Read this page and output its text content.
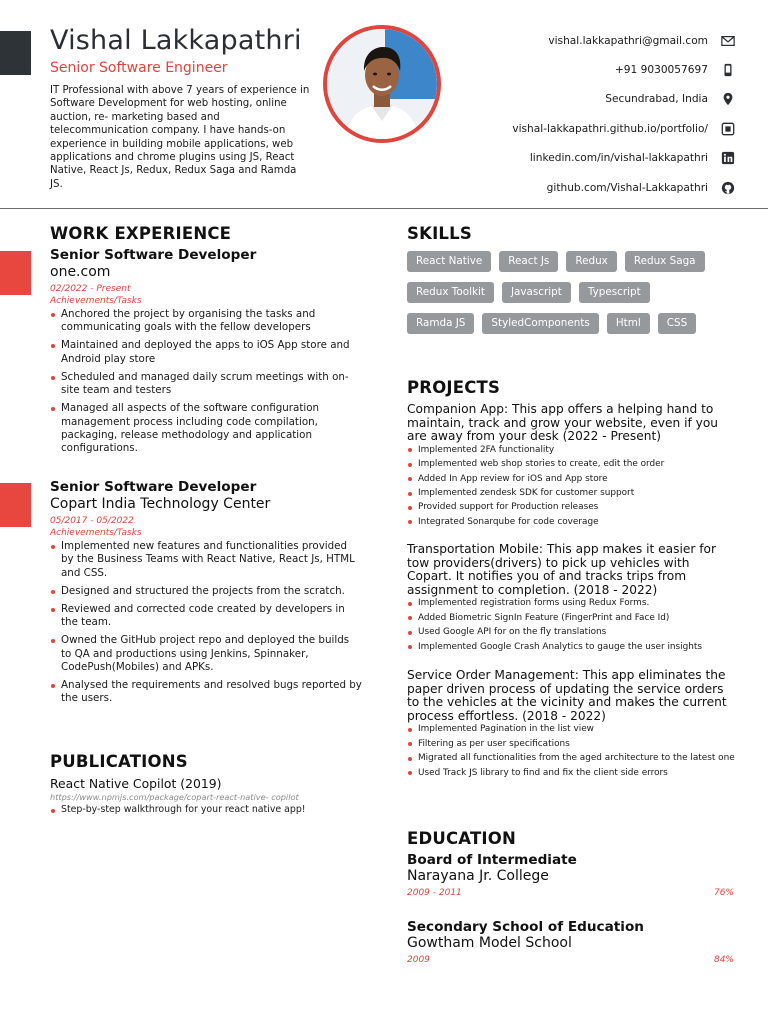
Vishal Lakkapathri
Senior Software Engineer
IT Professional with above 7 years of experience in Software Development for web hosting, online auction, re- marketing based and telecommunication company. I have hands-on experience in building mobile applications, web applications and chrome plugins using JS, React Native, React Js, Redux, Redux Saga and Ramda JS.
vishal.lakkapathri@gmail.com
+91 9030057697
Secundrabad, India
vishal-lakkapathri.github.io/portfolio/
linkedin.com/in/vishal-lakkapathri
github.com/Vishal-Lakkapathri
WORK EXPERIENCE
Senior Software Developer
one.com
02/2022 - Present
Achievements/Tasks
Anchored the project by organising the tasks and communicating goals with the fellow developers
Maintained and deployed the apps to iOS App store and Android play store
Scheduled and managed daily scrum meetings with on-site team and testers
Managed all aspects of the software configuration management process including code compilation, packaging, release methodology and application configurations.
Senior Software Developer
Copart India Technology Center
05/2017 - 05/2022
Achievements/Tasks
Implemented new features and functionalities provided by the Business Teams with React Native, React Js, HTML and CSS.
Designed and structured the projects from the scratch.
Reviewed and corrected code created by developers in the team.
Owned the GitHub project repo and deployed the builds to QA and productions using Jenkins, Spinnaker, CodePush(Mobiles) and APKs.
Analysed the requirements and resolved bugs reported by the users.
PUBLICATIONS
React Native Copilot (2019)
https://www.npmjs.com/package/copart-react-native- copilot
Step-by-step walkthrough for your react native app!
SKILLS
React Native	React Js	Redux	Redux Saga
Redux Toolkit	Javascript	Typescript
Ramda JS	StyledComponents	Html	CSS
PROJECTS
Companion App: This app offers a helping hand to maintain, track and grow your website, even if you are away from your desk (2022 - Present)
Implemented 2FA functionality
Implemented web shop stories to create, edit the order
Added In App review for iOS and App store
Implemented zendesk SDK for customer support
Provided support for Production releases
Integrated Sonarqube for code coverage
Transportation Mobile: This app makes it easier for tow providers(drivers) to pick up vehicles with Copart. It notifies you of and tracks trips from assignment to completion. (2018 - 2022)
Implemented registration forms using Redux Forms.
Added Biometric SignIn Feature (FingerPrint and Face Id)
Used Google API for on the fly translations
Implemented Google Crash Analytics to gauge the user insights
Service Order Management: This app eliminates the paper driven process of updating the service orders to the vehicles at the vicinity and makes the current process effortless. (2018 - 2022)
Implemented Pagination in the list view
Filtering as per user specifications
Migrated all functionalities from the aged architecture to the latest one
Used Track JS library to find and fix the client side errors
EDUCATION
Board of Intermediate
Narayana Jr. College
2009 - 2011	76%
Secondary School of Education
Gowtham Model School
2009	84%
